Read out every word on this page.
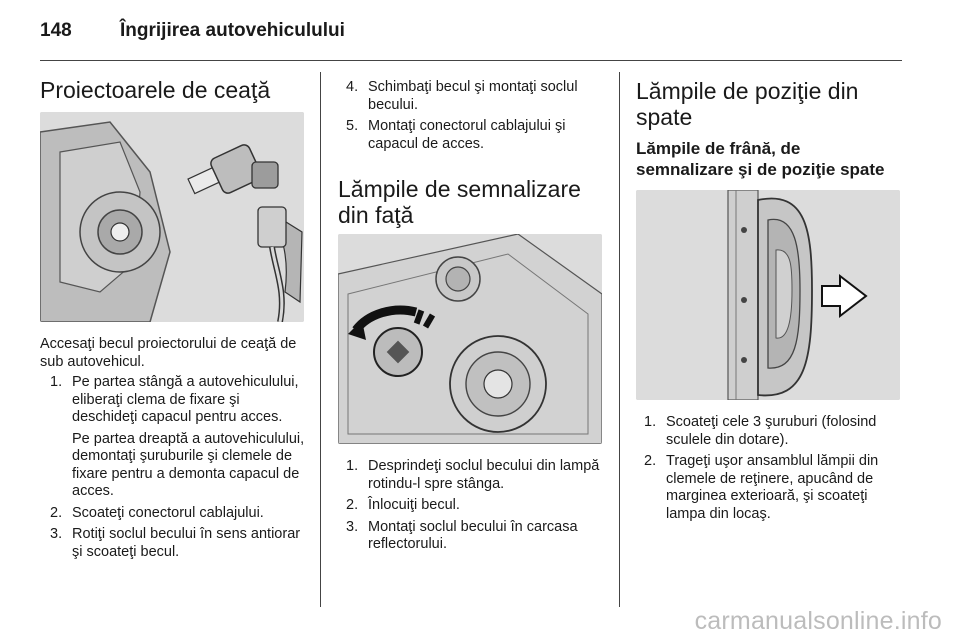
148	Îngrijirea autovehiculului
Proiectoarele de ceaţă

Accesaţi becul proiectorului de ceaţă de sub autovehicul.

1. Pe partea stângă a autovehiculului, eliberaţi clema de fixare şi deschideţi capacul pentru acces.
Pe partea dreaptă a autovehiculului, demontaţi şuruburile şi clemele de fixare pentru a demonta capacul de acces.
2. Scoateţi conectorul cablajului.
3. Rotiţi soclul becului în sens antiorar şi scoateţi becul.
4. Schimbaţi becul şi montaţi soclul becului.
5. Montaţi conectorul cablajului şi capacul de acces.
Lămpile de semnalizare din faţă
1. Desprindeţi soclul becului din lampă rotindu-l spre stânga.
2. Înlocuiţi becul.
3. Montaţi soclul becului în carcasa reflectorului.
Lămpile de poziţie din spate
Lămpile de frână, de semnalizare şi de poziţie spate
1. Scoateţi cele 3 şuruburi (folosind sculele din dotare).
2. Trageţi uşor ansamblul lămpii din clemele de reţinere, apucând de marginea exterioară, şi scoateţi lampa din locaş.
carmanualsonline.info
